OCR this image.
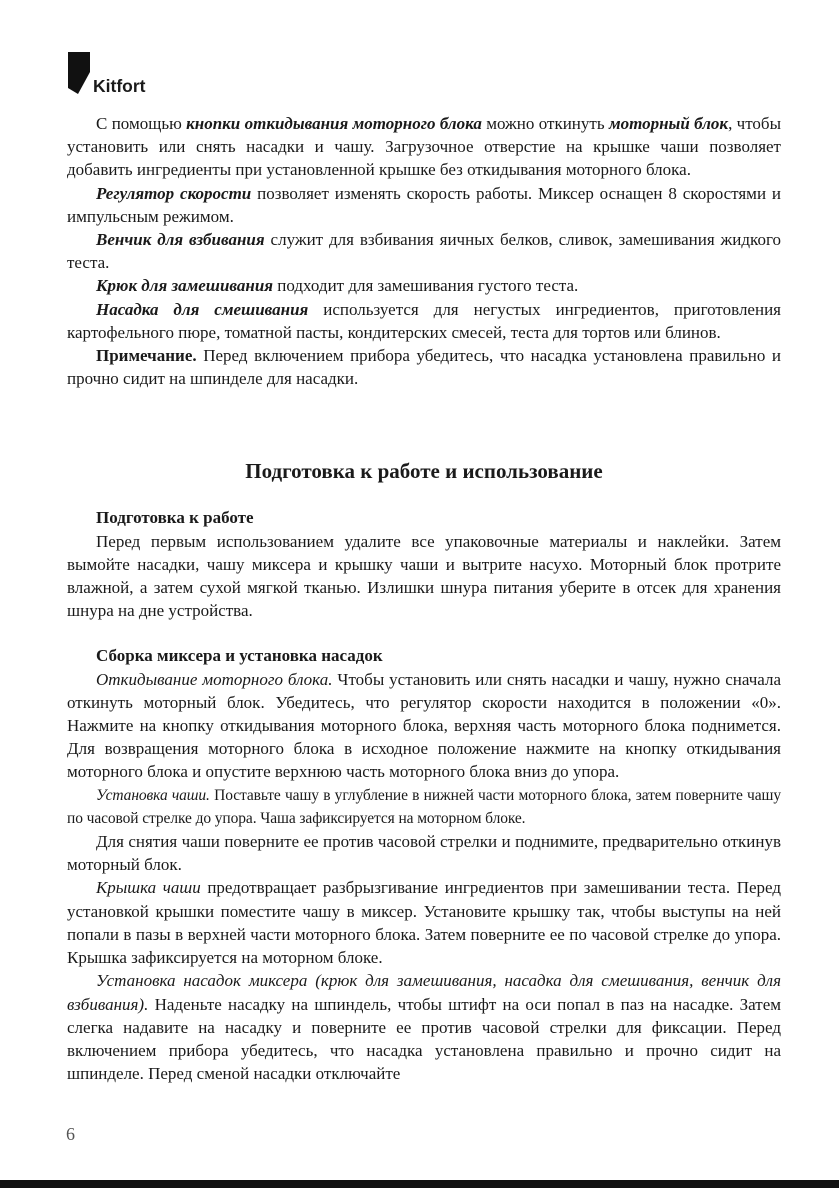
Kitfort

С помощью кнопки откидывания моторного блока можно откинуть моторный блок, чтобы установить или снять насадки и чашу. Загрузочное отверстие на крышке чаши позволяет добавить ингредиенты при установленной крышке без откидывания моторного блока.

Регулятор скорости позволяет изменять скорость работы. Миксер оснащен 8 скоростями и импульсным режимом.

Венчик для взбивания служит для взбивания яичных белков, сливок, замешивания жидкого теста.

Крюк для замешивания подходит для замешивания густого теста.

Насадка для смешивания используется для негустых ингредиентов, приготовления картофельного пюре, томатной пасты, кондитерских смесей, теста для тортов или блинов.

Примечание. Перед включением прибора убедитесь, что насадка установлена правильно и прочно сидит на шпинделе для насадки.

Подготовка к работе и использование
Подготовка к работе

Перед первым использованием удалите все упаковочные материалы и наклейки. Затем вымойте насадки, чашу миксера и крышку чаши и вытрите насухо. Моторный блок протрите влажной, а затем сухой мягкой тканью. Излишки шнура питания уберите в отсек для хранения шнура на дне устройства.

Сборка миксера и установка насадок

Откидывание моторного блока. Чтобы установить или снять насадки и чашу, нужно сначала откинуть моторный блок. Убедитесь, что регулятор скорости находится в положении «0». Нажмите на кнопку откидывания моторного блока, верхняя часть моторного блока поднимется. Для возвращения моторного блока в исходное положение нажмите на кнопку откидывания моторного блока и опустите верхнюю часть моторного блока вниз до упора.

Установка чаши. Поставьте чашу в углубление в нижней части моторного блока, затем поверните чашу по часовой стрелке до упора. Чаша зафиксируется на моторном блоке.

Для снятия чаши поверните ее против часовой стрелки и поднимите, предварительно откинув моторный блок.

Крышка чаши предотвращает разбрызгивание ингредиентов при замешивании теста. Перед установкой крышки поместите чашу в миксер. Установите крышку так, чтобы выступы на ней попали в пазы в верхней части моторного блока. Затем поверните ее по часовой стрелке до упора. Крышка зафиксируется на моторном блоке.

Установка насадок миксера (крюк для замешивания, насадка для смешивания, венчик для взбивания). Наденьте насадку на шпиндель, чтобы штифт на оси попал в паз на насадке. Затем слегка надавите на насадку и поверните ее против часовой стрелки для фиксации. Перед включением прибора убедитесь, что насадка установлена правильно и прочно сидит на шпинделе. Перед сменой насадки отключайте

6
